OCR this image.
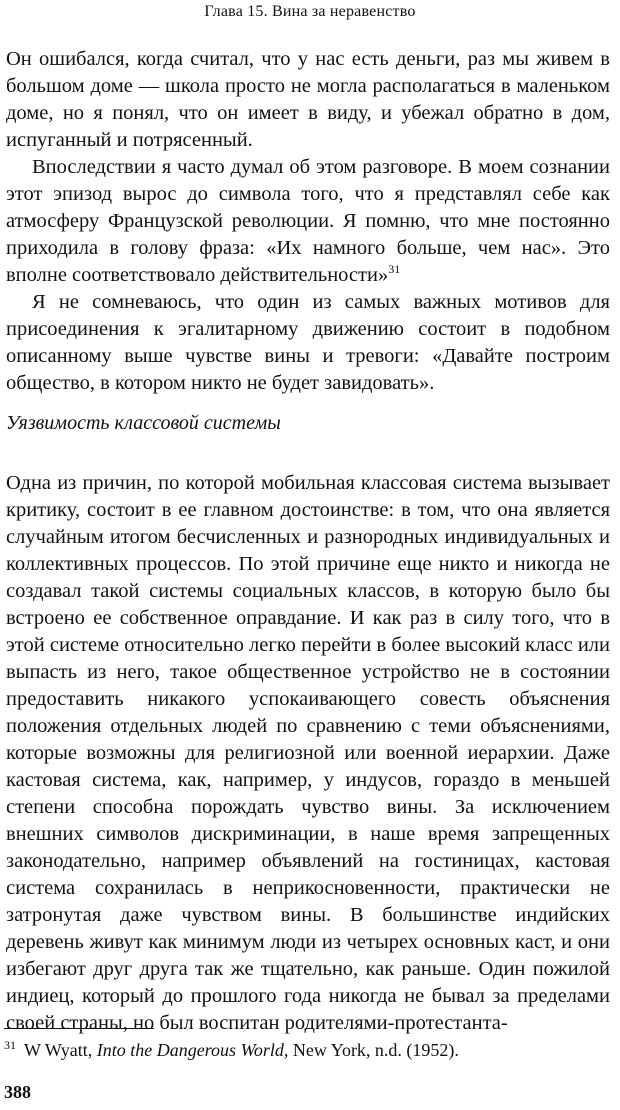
Глава 15. Вина за неравенство

Он ошибался, когда считал, что у нас есть деньги, раз мы живем в большом доме — школа просто не могла располагаться в маленьком доме, но я понял, что он имеет в виду, и убежал обратно в дом, испуганный и потрясенный.

Впоследствии я часто думал об этом разговоре. В моем сознании этот эпизод вырос до символа того, что я представлял себе как атмосферу Французской революции. Я помню, что мне постоянно приходила в голову фраза: «Их намного больше, чем нас». Это вполне соответствовало действительности»$^{31}$

Я не сомневаюсь, что один из самых важных мотивов для присоединения к эгалитарному движению состоит в подобном описанному выше чувстве вины и тревоги: «Давайте построим общество, в котором никто не будет завидовать».

Уязвимость классовой системы

Одна из причин, по которой мобильная классовая система вызывает критику, состоит в ее главном достоинстве: в том, что она является случайным итогом бесчисленных и разнородных индивидуальных и коллективных процессов. По этой причине еще никто и никогда не создавал такой системы социальных классов, в которую было бы встроено ее собственное оправдание. И как раз в силу того, что в этой системе относительно легко перейти в более высокий класс или выпасть из него, такое общественное устройство не в состоянии предоставить никакого успокаивающего совесть объяснения положения отдельных людей по сравнению с теми объяснениями, которые возможны для религиозной или военной иерархии. Даже кастовая система, как, например, у индусов, гораздо в меньшей степени способна порождать чувство вины. За исключением внешних символов дискриминации, в наше время запрещенных законодательно, например объявлений на гостиницах, кастовая система сохранилась в неприкосновенности, практически не затронутая даже чувством вины. В большинстве индийских деревень живут как минимум люди из четырех основных каст, и они избегают друг друга так же тщательно, как раньше. Один пожилой индиец, который до прошлого года никогда не бывал за пределами своей страны, но был воспитан родителями-протестанта-

$^{31}$ W Wyatt, Into the Dangerous World, New York, n.d. (1952).
388
